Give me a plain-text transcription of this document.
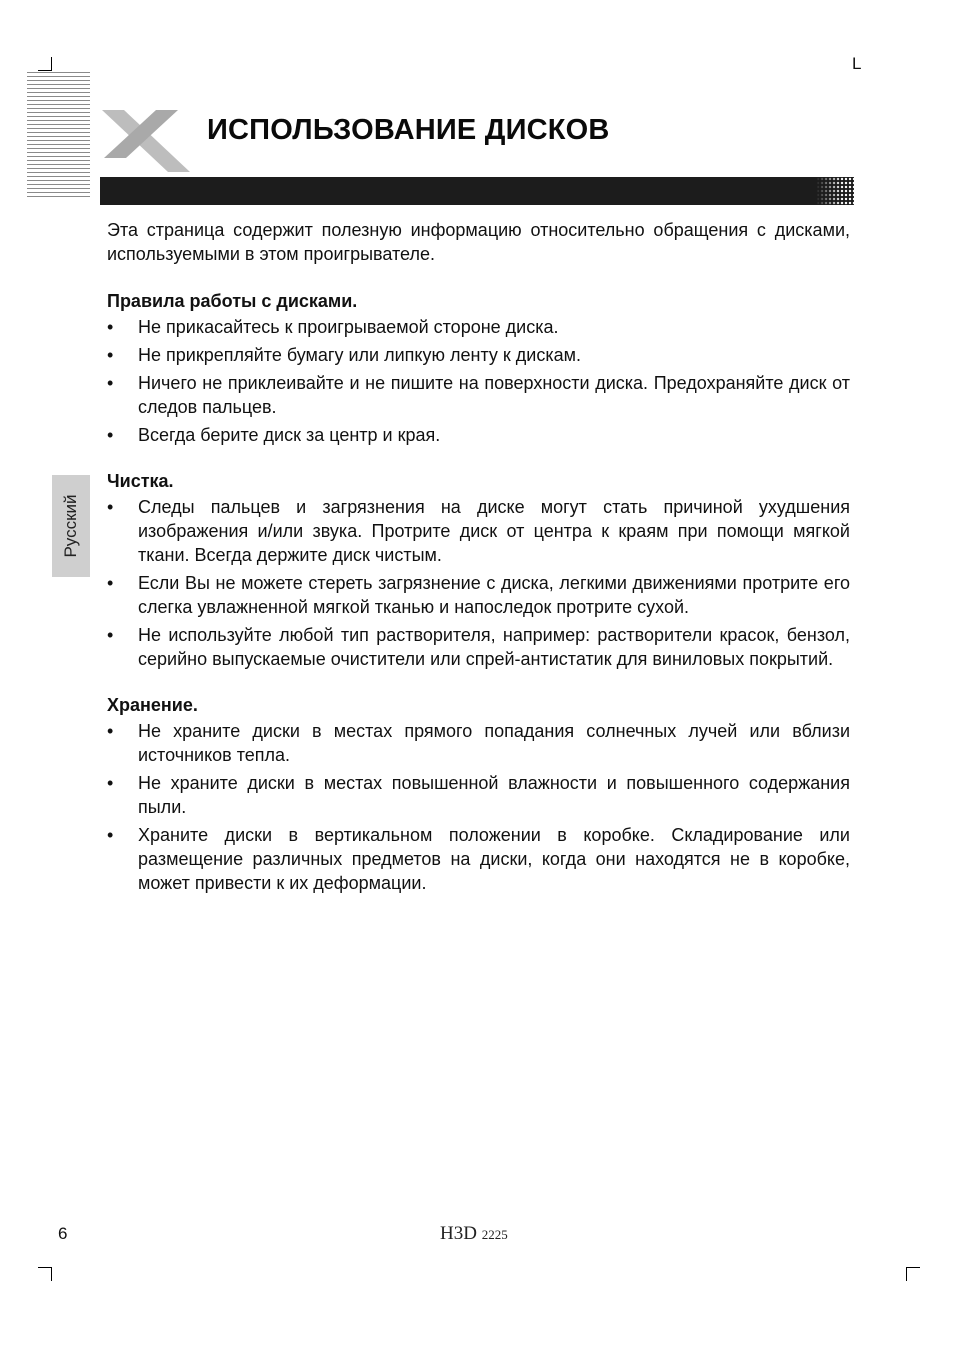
L
ИСПОЛЬЗОВАНИЕ ДИСКОВ
Русский

Эта страница содержит полезную информацию относительно обращения с дисками, используемыми в этом проигрывателе.

Правила работы с дисками.
• Не прикасайтесь к проигрываемой стороне диска.
• Не прикрепляйте бумагу или липкую ленту к дискам.
• Ничего не приклеивайте и не пишите на поверхности диска. Предохраняйте диск от следов пальцев.
• Всегда берите диск за центр и края.
Чистка.
• Следы пальцев и загрязнения на диске могут стать причиной ухудшения изображения и/или звука. Протрите диск от центра к краям при помощи мягкой ткани. Всегда держите диск чистым.
• Если Вы не можете стереть загрязнение с диска, легкими движениями протрите его слегка увлажненной мягкой тканью и напоследок протрите сухой.
• Не используйте любой тип растворителя, например: растворители красок, бензол, серийно выпускаемые очистители или спрей-антистатик для виниловых покрытий.
Хранение.
• Не храните диски в местах прямого попадания солнечных лучей или вблизи источников тепла.
• Не храните диски в местах повышенной влажности и повышенного содержания пыли.
• Храните диски в вертикальном положении в коробке. Складирование или размещение различных предметов на диски, когда они находятся не в коробке, может привести к их деформации.
6	H3D 2225
